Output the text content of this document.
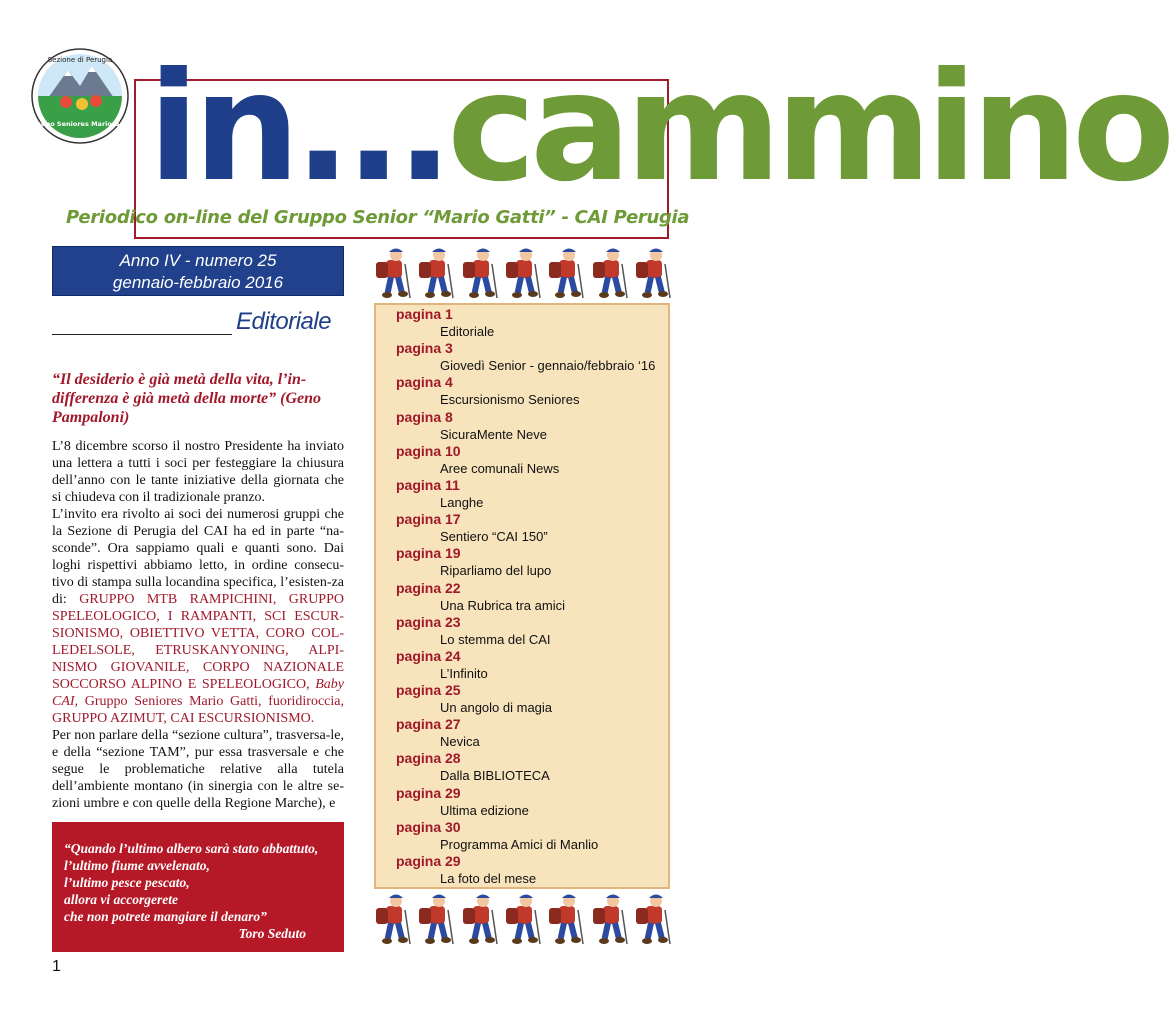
Sezione di Perugia
Gruppo Seniores Mario Gatti in...cammino
Periodico on-line del Gruppo Senior “Mario Gatti” - CAI Perugia
Anno IV - numero 25
gennaio-febbraio 2016
Editoriale
“Il desiderio è già metà della vita, l’in-differenza è già metà della morte” (Geno Pampaloni)

L’8 dicembre scorso il nostro Presidente ha inviato una lettera a tutti i soci per festeggiare la chiusura dell’anno con le tante iniziative della giornata che si chiudeva con il tradizionale pranzo.

L’invito era rivolto ai soci dei numerosi gruppi che la Sezione di Perugia del CAI ha ed in parte “na-sconde”. Ora sappiamo quali e quanti sono. Dai loghi rispettivi abbiamo letto, in ordine consecu-tivo di stampa sulla locandina specifica, l’esisten-za di: GRUPPO MTB RAMPICHINI, GRUPPO SPELEOLOGICO, I RAMPANTI, SCI ESCUR-SIONISMO, OBIETTIVO VETTA, CORO COL-LEDELSOLE, ETRUSKANYONING, ALPI-NISMO GIOVANILE, CORPO NAZIONALE SOCCORSO ALPINO E SPELEOLOGICO, Baby CAI, Gruppo Seniores Mario Gatti, fuoridiroccia, GRUPPO AZIMUT, CAI ESCURSIONISMO.

Per non parlare della “sezione cultura”, trasversa-le, e della “sezione TAM”, pur essa trasversale e che segue le problematiche relative alla tutela dell’ambiente montano (in sinergia con le altre se-zioni umbre e con quelle della Regione Marche), e

“Quando l’ultimo albero sarà stato abbattuto,
l’ultimo fiume avvelenato,
l’ultimo pesce pescato,
allora vi accorgerete
che non potrete mangiare il denaro”
Toro Seduto
1
pagina 1
Editoriale
pagina 3
Giovedì Senior - gennaio/febbraio ‘16
pagina 4
Escursionismo Seniores
pagina 8
SicuraMente Neve
pagina 10
Aree comunali News
pagina 11
Langhe
pagina 17
Sentiero “CAI 150”
pagina 19
Riparliamo del lupo
pagina 22
Una Rubrica tra amici
pagina 23
Lo stemma del CAI
pagina 24
L’Infinito
pagina 25
Un angolo di magia
pagina 27
Nevica
pagina 28
Dalla BIBLIOTECA
pagina 29
Ultima edizione
pagina 30
Programma Amici di Manlio
pagina 29
La foto del mese
